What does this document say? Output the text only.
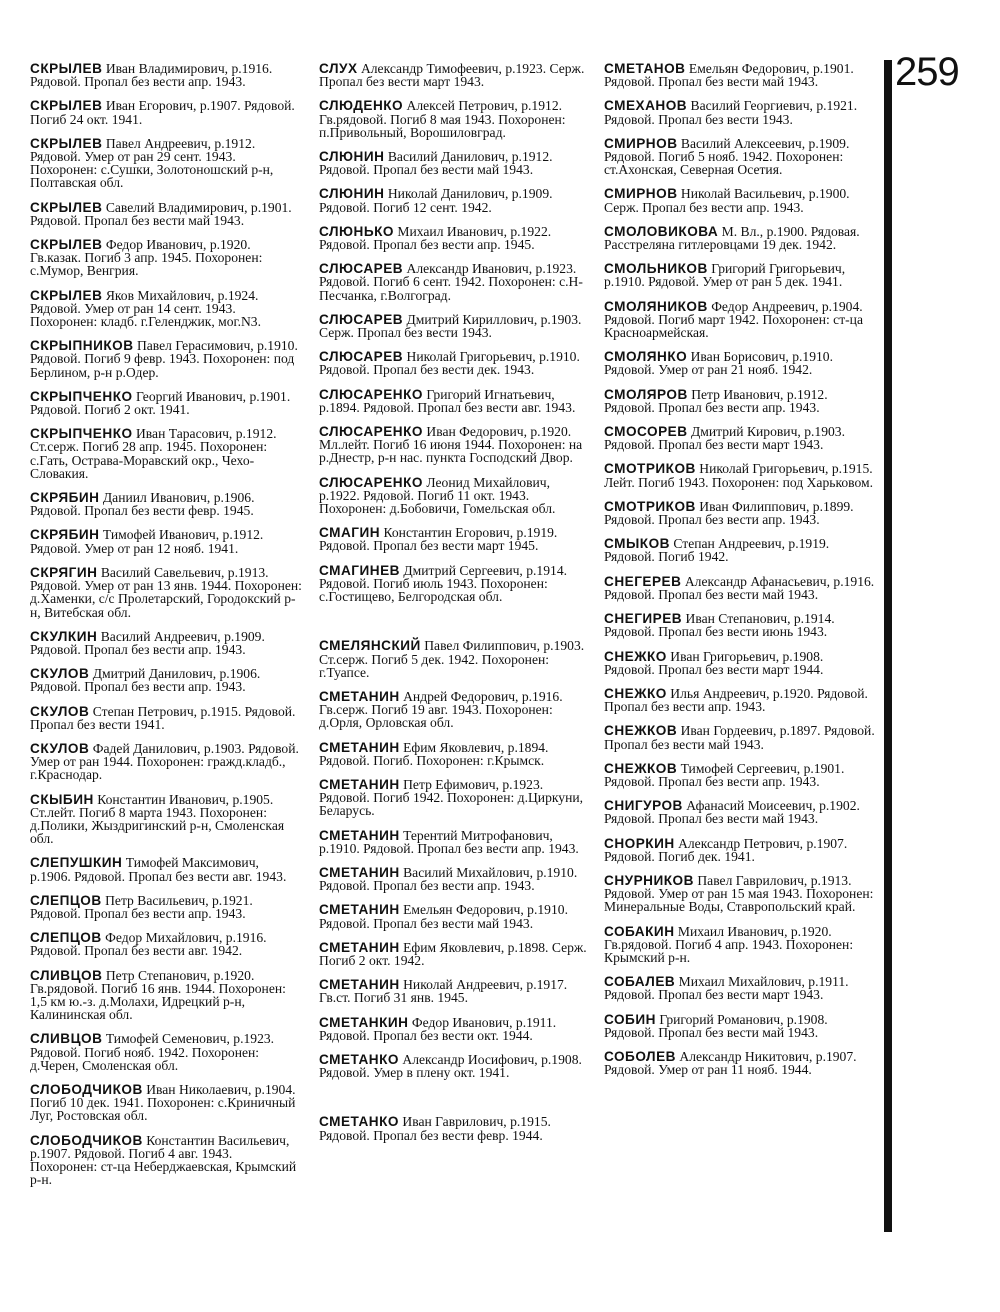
СКРЫЛЕВ Иван Владимирович, р.1916. Рядовой. Пропал без вести апр. 1943.

СКРЫЛЕВ Иван Егорович, р.1907. Рядовой. Погиб 24 окт. 1941.

СКРЫЛЕВ Павел Андреевич, р.1912. Рядовой. Умер от ран 29 сент. 1943. Похоронен: с.Сушки, Золотоношский р-н, Полтавская обл.

СКРЫЛЕВ Савелий Владимирович, р.1901. Рядовой. Пропал без вести май 1943.

СКРЫЛЕВ Федор Иванович, р.1920. Гв.казак. Погиб 3 апр. 1945. Похоронен: с.Мумор, Венгрия.

СКРЫЛЕВ Яков Михайлович, р.1924. Рядовой. Умер от ран 14 сент. 1943. Похоронен: кладб. г.Геленджик, мог.N3.

СКРЫПНИКОВ Павел Герасимович, р.1910. Рядовой. Погиб 9 февр. 1943. Похоронен: под Берлином, р-н р.Одер.

СКРЫПЧЕНКО Георгий Иванович, р.1901. Рядовой. Погиб 2 окт. 1941.

СКРЫПЧЕНКО Иван Тарасович, р.1912. Ст.серж. Погиб 28 апр. 1945. Похоронен: с.Гать, Острава-Моравский окр., Чехо-Словакия.

СКРЯБИН Даниил Иванович, р.1906. Рядовой. Пропал без вести февр. 1945.

СКРЯБИН Тимофей Иванович, р.1912. Рядовой. Умер от ран 12 нояб. 1941.

СКРЯГИН Василий Савельевич, р.1913. Рядовой. Умер от ран 13 янв. 1944. Похоронен: д.Хаменки, с/с Пролетарский, Городокский р-н, Витебская обл.

СКУЛКИН Василий Андреевич, р.1909. Рядовой. Пропал без вести апр. 1943.

СКУЛОВ Дмитрий Данилович, р.1906. Рядовой. Пропал без вести апр. 1943.

СКУЛОВ Степан Петрович, р.1915. Рядовой. Пропал без вести 1941.

СКУЛОВ Фадей Данилович, р.1903. Рядовой. Умер от ран 1944. Похоронен: гражд.кладб., г.Краснодар.

СКЫБИН Константин Иванович, р.1905. Ст.лейт. Погиб 8 марта 1943. Похоронен: д.Полики, Жыздригинский р-н, Смоленская обл.

СЛЕПУШКИН Тимофей Максимович, р.1906. Рядовой. Пропал без вести авг. 1943.

СЛЕПЦОВ Петр Васильевич, р.1921. Рядовой. Пропал без вести апр. 1943.

СЛЕПЦОВ Федор Михайлович, р.1916. Рядовой. Пропал без вести авг. 1942.

СЛИВЦОВ Петр Степанович, р.1920. Гв.рядовой. Погиб 16 янв. 1944. Похоронен: 1,5 км ю.-з. д.Молахи, Идрецкий р-н, Калининская обл.

СЛИВЦОВ Тимофей Семенович, р.1923. Рядовой. Погиб нояб. 1942. Похоронен: д.Черен, Смоленская обл.

СЛОБОДЧИКОВ Иван Николаевич, р.1904. Погиб 10 дек. 1941. Похоронен: с.Криничный Луг, Ростовская обл.

СЛОБОДЧИКОВ Константин Васильевич, р.1907. Рядовой. Погиб 4 авг. 1943. Похоронен: ст-ца Неберджаевская, Крымский р-н.

СЛУХ Александр Тимофеевич, р.1923. Серж. Пропал без вести март 1943.

СЛЮДЕНКО Алексей Петрович, р.1912. Гв.рядовой. Погиб 8 мая 1943. Похоронен: п.Привольный, Ворошиловград.

СЛЮНИН Василий Данилович, р.1912. Рядовой. Пропал без вести май 1943.

СЛЮНИН Николай Данилович, р.1909. Рядовой. Погиб 12 сент. 1942.

СЛЮНЬКО Михаил Иванович, р.1922. Рядовой. Пропал без вести апр. 1945.

СЛЮСАРЕВ Александр Иванович, р.1923. Рядовой. Погиб 6 сент. 1942. Похоронен: с.Н-Песчанка, г.Волгоград.

СЛЮСАРЕВ Дмитрий Кириллович, р.1903. Серж. Пропал без вести 1943.

СЛЮСАРЕВ Николай Григорьевич, р.1910. Рядовой. Пропал без вести дек. 1943.

СЛЮСАРЕНКО Григорий Игнатьевич, р.1894. Рядовой. Пропал без вести авг. 1943.

СЛЮСАРЕНКО Иван Федорович, р.1920. Мл.лейт. Погиб 16 июня 1944. Похоронен: на р.Днестр, р-н нас. пункта Господский Двор.

СЛЮСАРЕНКО Леонид Михайлович, р.1922. Рядовой. Погиб 11 окт. 1943. Похоронен: д.Бобовичи, Гомельская обл.

СМАГИН Константин Егорович, р.1919. Рядовой. Пропал без вести март 1945.

СМАГИНЕВ Дмитрий Сергеевич, р.1914. Рядовой. Погиб июль 1943. Похоронен: с.Гостищево, Белгородская обл.

СМЕЛЯНСКИЙ Павел Филиппович, р.1903. Ст.серж. Погиб 5 дек. 1942. Похоронен: г.Туапсе.

СМЕТАНИН Андрей Федорович, р.1916. Гв.серж. Погиб 19 авг. 1943. Похоронен: д.Орля, Орловская обл.

СМЕТАНИН Ефим Яковлевич, р.1894. Рядовой. Погиб. Похоронен: г.Крымск.

СМЕТАНИН Петр Ефимович, р.1923. Рядовой. Погиб 1942. Похоронен: д.Циркуни, Беларусь.

СМЕТАНИН Терентий Митрофанович, р.1910. Рядовой. Пропал без вести апр. 1943.

СМЕТАНИН Василий Михайлович, р.1910. Рядовой. Пропал без вести апр. 1943.

СМЕТАНИН Емельян Федорович, р.1910. Рядовой. Пропал без вести май 1943.

СМЕТАНИН Ефим Яковлевич, р.1898. Серж. Погиб 2 окт. 1942.

СМЕТАНИН Николай Андреевич, р.1917. Гв.ст. Погиб 31 янв. 1945.

СМЕТАНКИН Федор Иванович, р.1911. Рядовой. Пропал без вести окт. 1944.

СМЕТАНКО Александр Иосифович, р.1908. Рядовой. Умер в плену окт. 1941.

СМЕТАНКО Иван Гаврилович, р.1915. Рядовой. Пропал без вести февр. 1944.

СМЕТАНОВ Емельян Федорович, р.1901. Рядовой. Пропал без вести май 1943.

СМЕХАНОВ Василий Георгиевич, р.1921. Рядовой. Пропал без вести 1943.

СМИРНОВ Василий Алексеевич, р.1909. Рядовой. Погиб 5 нояб. 1942. Похоронен: ст.Ахонская, Северная Осетия.

СМИРНОВ Николай Васильевич, р.1900. Серж. Пропал без вести апр. 1943.

СМОЛОВИКОВА М. Вл., р.1900. Рядовая. Расстреляна гитлеровцами 19 дек. 1942.

СМОЛЬНИКОВ Григорий Григорьевич, р.1910. Рядовой. Умер от ран 5 дек. 1941.

СМОЛЯНИКОВ Федор Андреевич, р.1904. Рядовой. Погиб март 1942. Похоронен: ст-ца Красноармейская.

СМОЛЯНКО Иван Борисович, р.1910. Рядовой. Умер от ран 21 нояб. 1942.

СМОЛЯРОВ Петр Иванович, р.1912. Рядовой. Пропал без вести апр. 1943.

СМОСОРЕВ Дмитрий Кирович, р.1903. Рядовой. Пропал без вести март 1943.

СМОТРИКОВ Николай Григорьевич, р.1915. Лейт. Погиб 1943. Похоронен: под Харьковом.

СМОТРИКОВ Иван Филиппович, р.1899. Рядовой. Пропал без вести апр. 1943.

СМЫКОВ Степан Андреевич, р.1919. Рядовой. Погиб 1942.

СНЕГЕРЕВ Александр Афанасьевич, р.1916. Рядовой. Пропал без вести май 1943.

СНЕГИРЕВ Иван Степанович, р.1914. Рядовой. Пропал без вести июнь 1943.

СНЕЖКО Иван Григорьевич, р.1908. Рядовой. Пропал без вести март 1944.

СНЕЖКО Илья Андреевич, р.1920. Рядовой. Пропал без вести апр. 1943.

СНЕЖКОВ Иван Гордеевич, р.1897. Рядовой. Пропал без вести май 1943.

СНЕЖКОВ Тимофей Сергеевич, р.1901. Рядовой. Пропал без вести апр. 1943.

СНИГУРОВ Афанасий Моисеевич, р.1902. Рядовой. Пропал без вести май 1943.

СНОРКИН Александр Петрович, р.1907. Рядовой. Погиб дек. 1941.

СНУРНИКОВ Павел Гаврилович, р.1913. Рядовой. Умер от ран 15 мая 1943. Похоронен: Минеральные Воды, Ставропольский край.

СОБАКИН Михаил Иванович, р.1920. Гв.рядовой. Погиб 4 апр. 1943. Похоронен: Крымский р-н.

СОБАЛЕВ Михаил Михайлович, р.1911. Рядовой. Пропал без вести март 1943.

СОБИН Григорий Романович, р.1908. Рядовой. Пропал без вести май 1943.

СОБОЛЕВ Александр Никитович, р.1907. Рядовой. Умер от ран 11 нояб. 1944.

259
